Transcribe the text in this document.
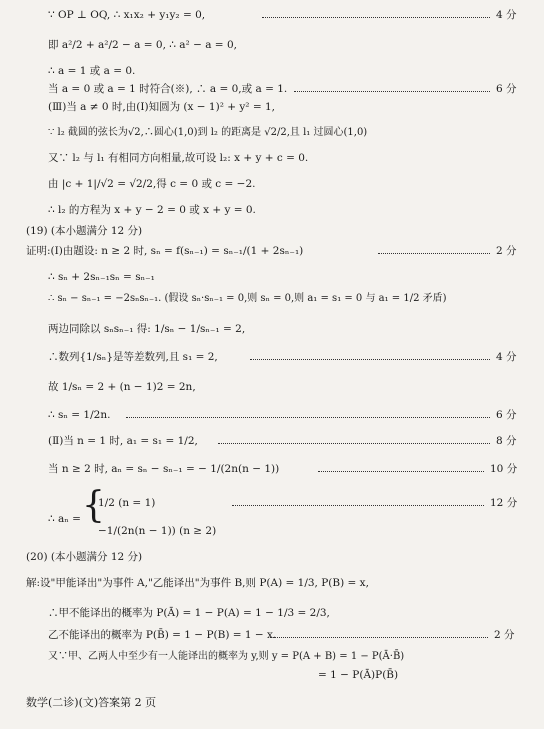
∵ OP ⊥ OQ, ∴ x₁x₂ + y₁y₂ = 0,	4 分
即 a²/2 + a²/2 − a = 0, ∴ a² − a = 0,
∴ a = 1 或 a = 0.
当 a = 0 或 a = 1 时符合(※), ∴ a = 0,或 a = 1.	6 分
(Ⅲ)当 a ≠ 0 时,由(Ⅰ)知圆为 (x − 1)² + y² = 1,
∵ l₂ 截圆的弦长为√2,∴圆心(1,0)到 l₂ 的距离是 √2/2,且 l₁ 过圆心(1,0)
又∵ l₂ 与 l₁ 有相同方向相量,故可设 l₂: x + y + c = 0.
由 |c + 1|/√2 = √2/2,得 c = 0 或 c = −2.
∴ l₂ 的方程为 x + y − 2 = 0 或 x + y = 0.
(19) (本小题满分 12 分)
证明:(Ⅰ)由题设: n ≥ 2 时, sₙ = f(sₙ₋₁) = sₙ₋₁/(1 + 2sₙ₋₁)	2 分
∴ sₙ + 2sₙ₋₁sₙ = sₙ₋₁
∴ sₙ − sₙ₋₁ = −2sₙsₙ₋₁. (假设 sₙ·sₙ₋₁ = 0,则 sₙ = 0,则 a₁ = s₁ = 0 与 a₁ = 1/2 矛盾)
两边同除以 sₙsₙ₋₁ 得: 1/sₙ − 1/sₙ₋₁ = 2,
∴数列{1/sₙ}是等差数列,且 s₁ = 2,	4 分
故 1/sₙ = 2 + (n − 1)2 = 2n,
∴ sₙ = 1/2n.	6 分
(Ⅱ)当 n = 1 时, a₁ = s₁ = 1/2,	8 分
当 n ≥ 2 时, aₙ = sₙ − sₙ₋₁ = − 1/(2n(n − 1))	10 分
∴ aₙ = {
1/2 (n = 1)	12 分
−1/(2n(n − 1)) (n ≥ 2)
(20) (本小题满分 12 分)
解:设"甲能译出"为事件 A,"乙能译出"为事件 B,则 P(A) = 1/3, P(B) = x,
∴甲不能译出的概率为 P(Ā) = 1 − P(A) = 1 − 1/3 = 2/3,
乙不能译出的概率为 P(B̄) = 1 − P(B) = 1 − x.	2 分
又∵甲、乙两人中至少有一人能译出的概率为 y,则 y = P(A + B) = 1 − P(Ā·B̄)
= 1 − P(Ā)P(B̄)
数学(二诊)(文)答案第 2 页
